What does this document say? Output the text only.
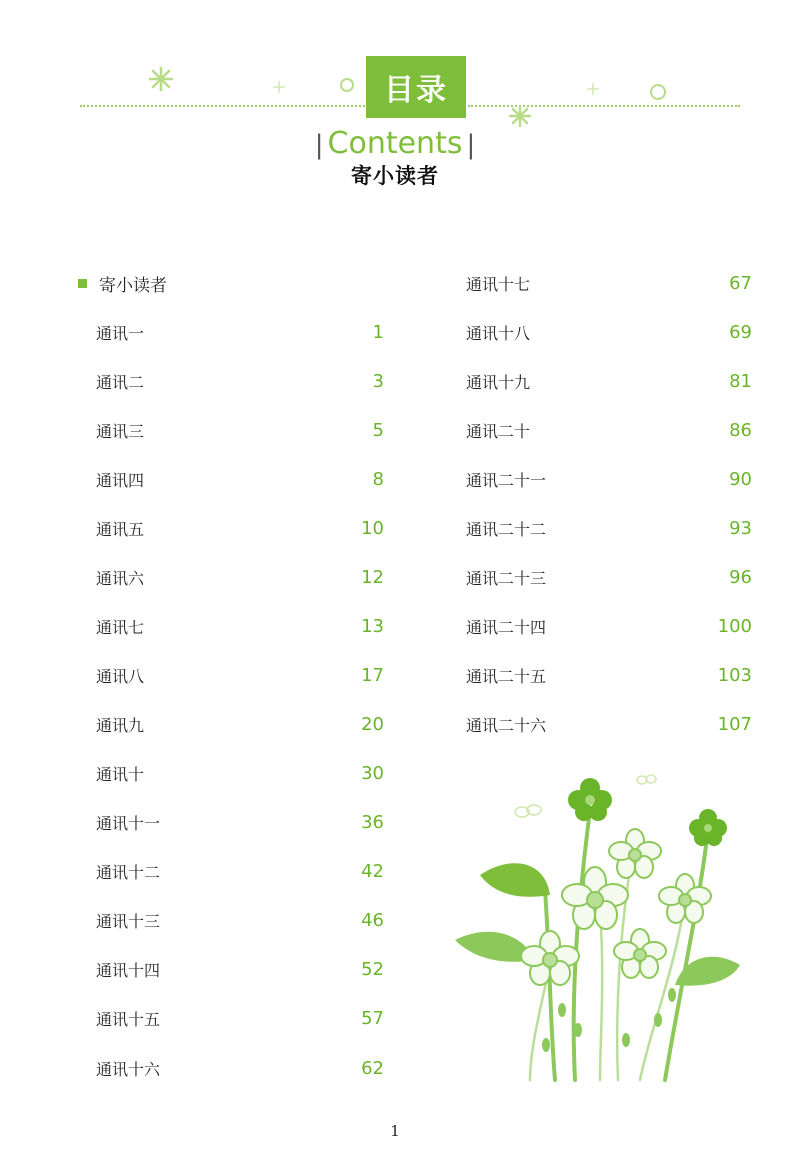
目录
| Contents |
寄小读者
寄小读者
通讯一	1
通讯二	3
通讯三	5
通讯四	8
通讯五	10
通讯六	12
通讯七	13
通讯八	17
通讯九	20
通讯十	30
通讯十一	36
通讯十二	42
通讯十三	46
通讯十四	52
通讯十五	57
通讯十六	62
通讯十七	67
通讯十八	69
通讯十九	81
通讯二十	86
通讯二十一	90
通讯二十二	93
通讯二十三	96
通讯二十四	100
通讯二十五	103
通讯二十六	107
1
